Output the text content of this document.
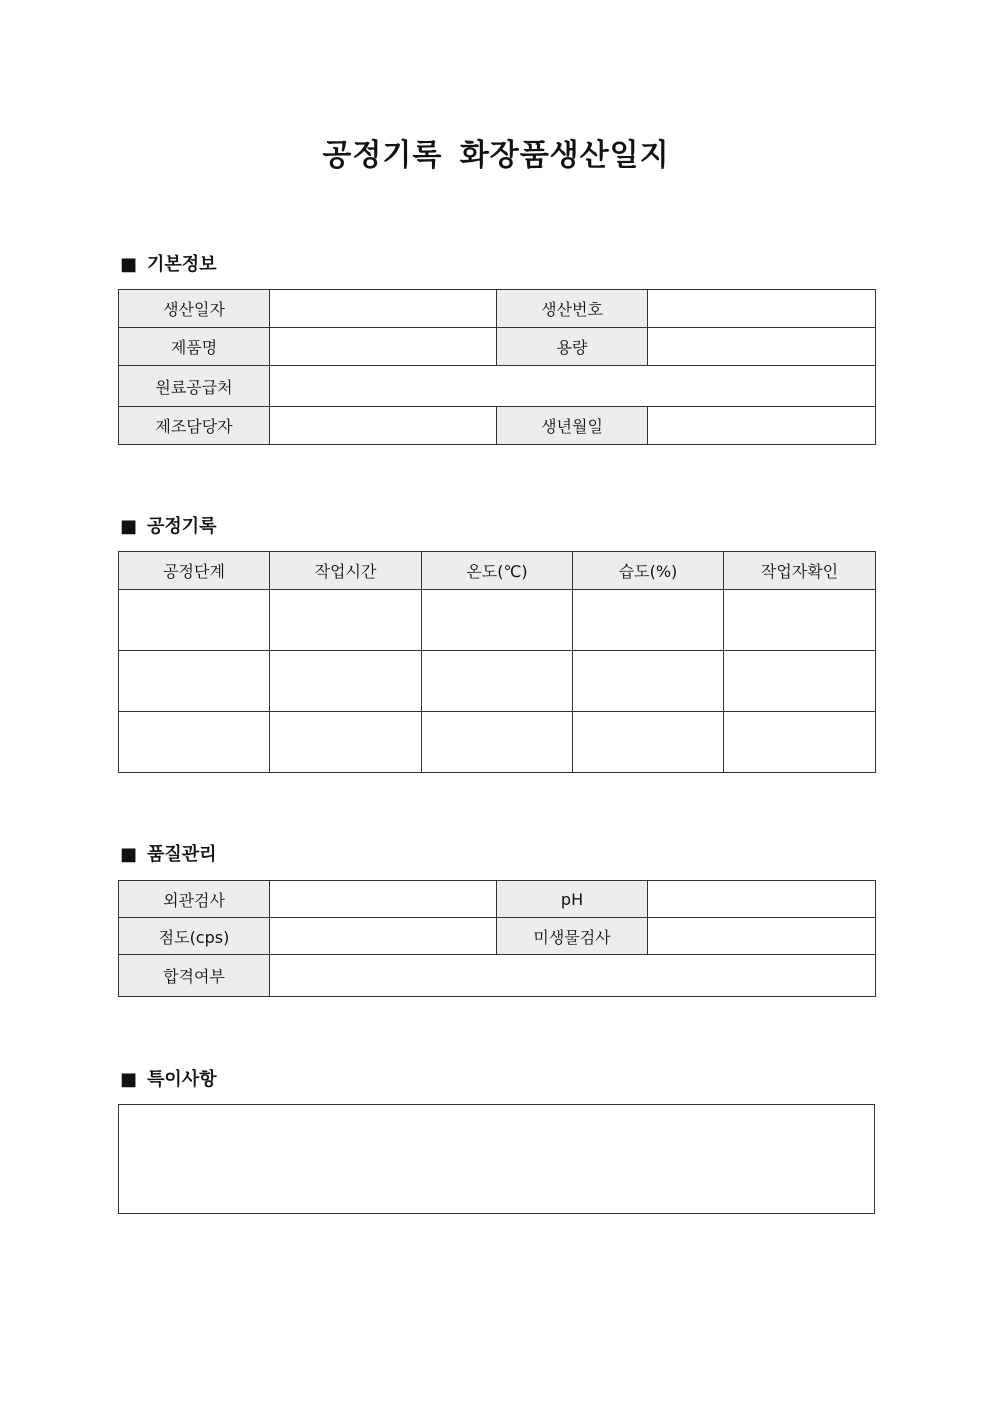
공정기록 화장품생산일지
■ 기본정보
생산일자		생산번호	
제품명		용량	
원료공급처			
제조담당자		생년월일	
■ 공정기록
공정단계	작업시간	온도(℃)	습도(%)	작업자확인

■ 품질관리
외관검사		pH	
점도(cps)		미생물검사	
합격여부			
■ 특이사항
